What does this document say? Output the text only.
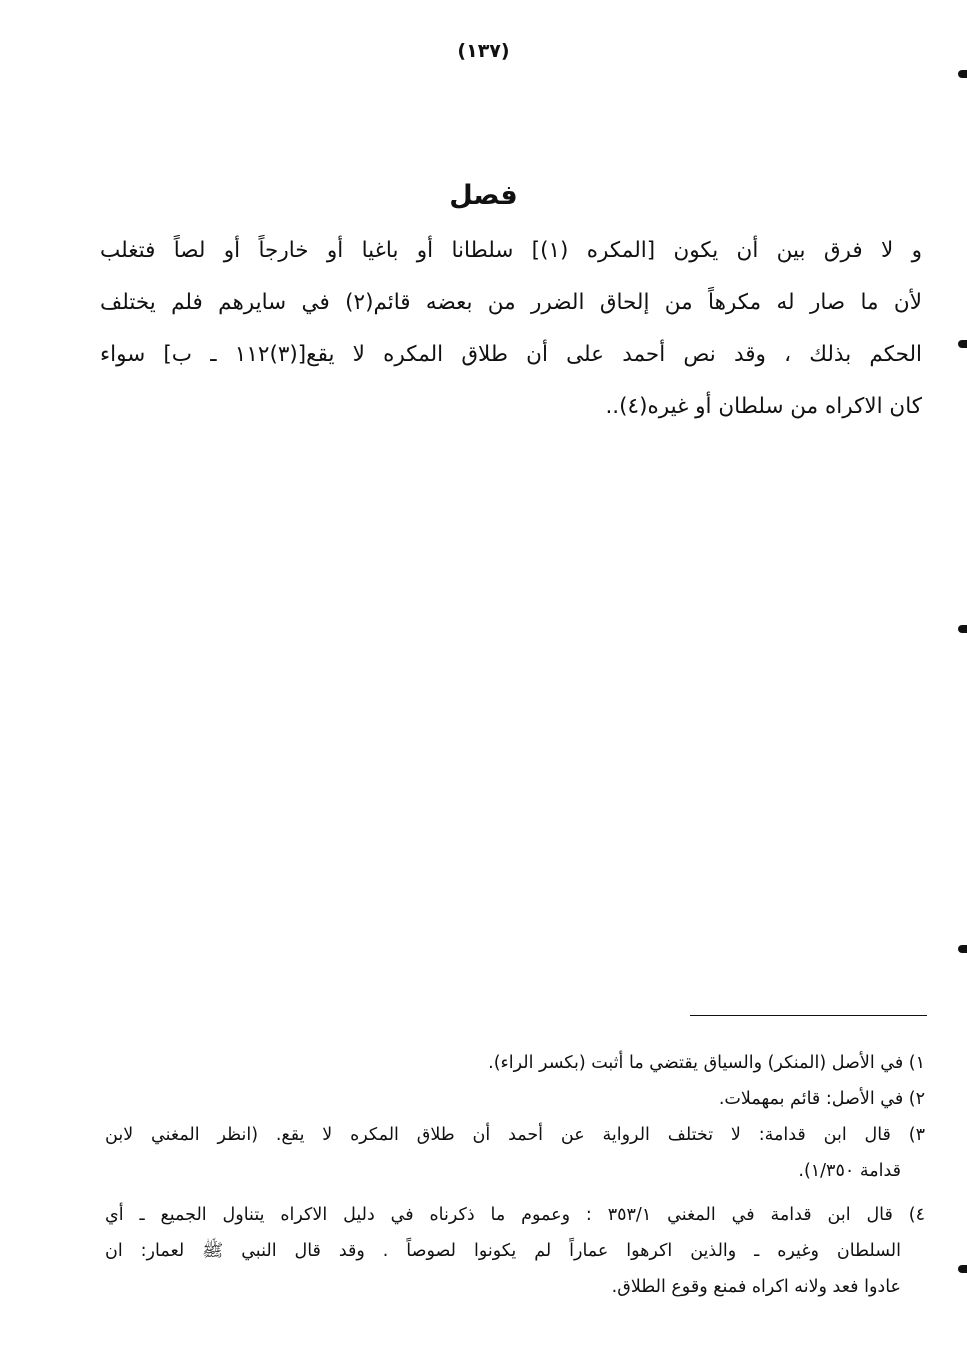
(١٣٧)
فصل
و لا فرق بين أن يكون [المكره (١)] سلطانا أو باغيا أو خارجاً أو لصاً فتغلب
لأن ما صار له مكرهاً من إلحاق الضرر من بعضه قائم(٢) في سايرهم فلم يختلف
الحكم بذلك ، وقد نص أحمد على أن طلاق المكره لا يقع[(٣)١١٢ ـ ب] سواء
كان الاكراه من سلطان أو غيره(٤)..
١) في الأصل (المنكر) والسياق يقتضي ما أثبت (بكسر الراء).
٢) في الأصل: قائم بمهملات.
٣) قال ابن قدامة: لا تختلف الرواية عن أحمد أن طلاق المكره لا يقع. (انظر المغني لابن
قدامة ١/٣٥٠).
٤) قال ابن قدامة في المغني ٣٥٣/١ : وعموم ما ذكرناه في دليل الاكراه يتناول الجميع ـ أي
السلطان وغيره ـ والذين اكرهوا عماراً لم يكونوا لصوصاً . وقد قال النبي ﷺ لعمار: ان
عادوا فعد ولانه اكراه فمنع وقوع الطلاق.
